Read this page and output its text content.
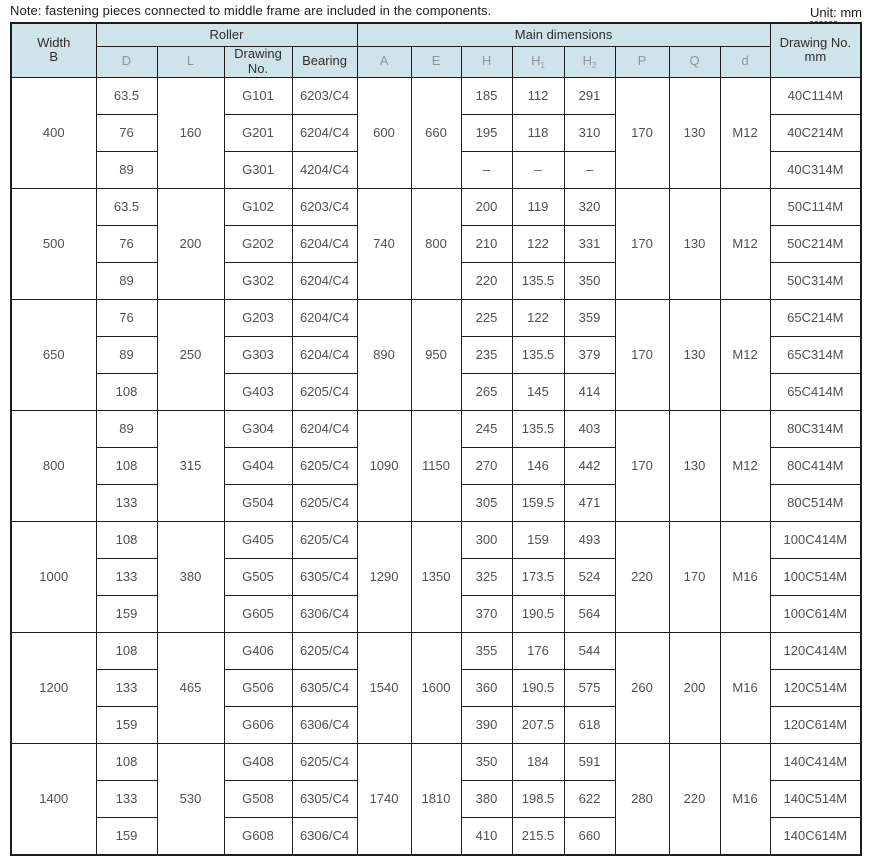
Note: fastening pieces connected to middle frame are included in the components.	Unit: mm
Width
B	Roller				Main dimensions								Drawing No.
mm
	D	L	Drawing No.	Bearing	A	E	H	$H_1$	$H_2$	P	Q	d	
400	63.5	160	G101	6203/C4	600	660	185	112	291	170	130	M12	40C114M
	76		G201	6204/C4			195	118	310				40C214M
	89		G301	4204/C4			–	–	–				40C314M
500	63.5	200	G102	6203/C4	740	800	200	119	320	170	130	M12	50C114M
	76		G202	6204/C4			210	122	331				50C214M
	89		G302	6204/C4			220	135.5	350				50C314M
650	76	250	G203	6204/C4	890	950	225	122	359	170	130	M12	65C214M
	89		G303	6204/C4			235	135.5	379				65C314M
	108		G403	6205/C4			265	145	414				65C414M
800	89	315	G304	6204/C4	1090	1150	245	135.5	403	170	130	M12	80C314M
	108		G404	6205/C4			270	146	442				80C414M
	133		G504	6205/C4			305	159.5	471				80C514M
1000	108	380	G405	6205/C4	1290	1350	300	159	493	220	170	M16	100C414M
	133		G505	6305/C4			325	173.5	524				100C514M
	159		G605	6306/C4			370	190.5	564				100C614M
1200	108	465	G406	6205/C4	1540	1600	355	176	544	260	200	M16	120C414M
	133		G506	6305/C4			360	190.5	575				120C514M
	159		G606	6306/C4			390	207.5	618				120C614M
1400	108	530	G408	6205/C4	1740	1810	350	184	591	280	220	M16	140C414M
	133		G508	6305/C4			380	198.5	622				140C514M
	159		G608	6306/C4			410	215.5	660				140C614M
